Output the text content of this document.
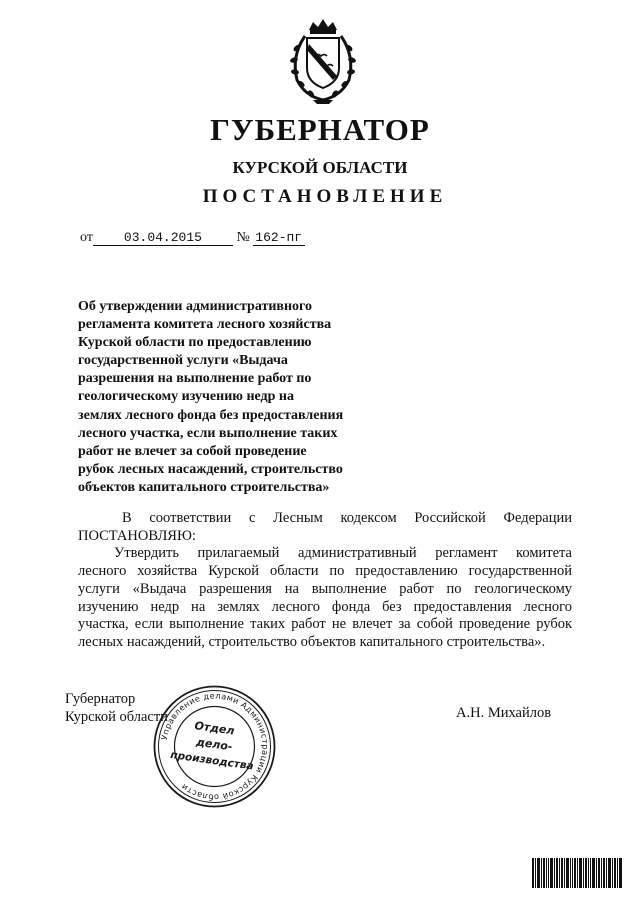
ГУБЕРНАТОР
КУРСКОЙ ОБЛАСТИ
ПОСТАНОВЛЕНИЕ
от 03.04.2015 № 162-пг
Об утверждении административного
регламента комитета лесного хозяйства
Курской области по предоставлению
государственной услуги «Выдача
разрешения на выполнение работ по
геологическому изучению недр на
землях лесного фонда без предоставления
лесного участка, если выполнение таких
работ не влечет за собой проведение
рубок лесных насаждений, строительство
объектов капитального строительства»
В соответствии с Лесным кодексом Российской Федерации
ПОСТАНОВЛЯЮ:
Утвердить прилагаемый административный регламент комитета
лесного хозяйства Курской области по предоставлению государственной
услуги «Выдача разрешения на выполнение работ по геологическому
изучению недр на землях лесного фонда без предоставления лесного
участка, если выполнение таких работ не влечет за собой проведение рубок
лесных насаждений, строительство объектов капитального строительства».
Губернатор
Курской области	А.Н. Михайлов
Управление делами Администрации Курской области
Отдел
дело-
производства
